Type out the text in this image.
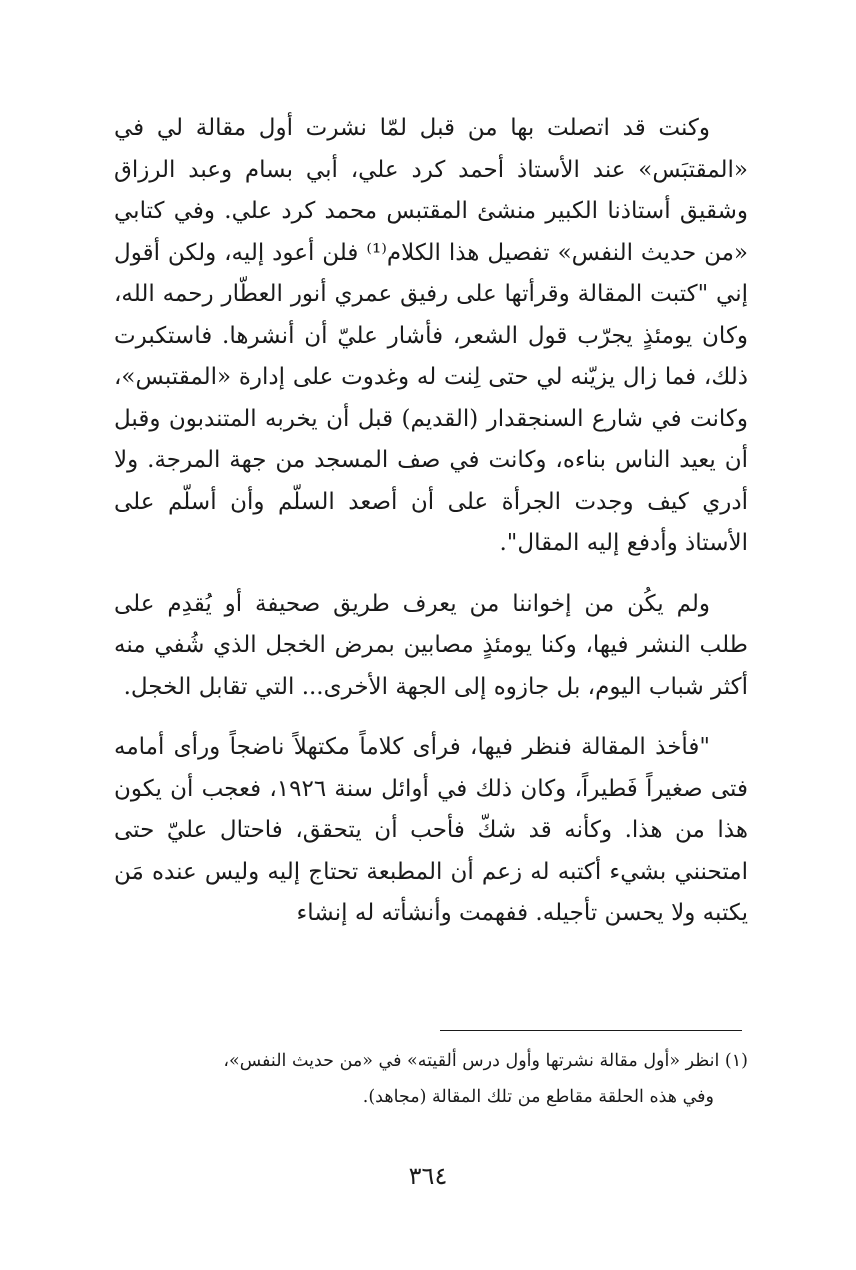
وكنت قد اتصلت بها من قبل لمّا نشرت أول مقالة لي في «المقتبَس» عند الأستاذ أحمد كرد علي، أبي بسام وعبد الرزاق وشقيق أستاذنا الكبير منشئ المقتبس محمد كرد علي. وفي كتابي «من حديث النفس» تفصيل هذا الكلام⁽¹⁾ فلن أعود إليه، ولكن أقول إني "كتبت المقالة وقرأتها على رفيق عمري أنور العطّار رحمه الله، وكان يومئذٍ يجرّب قول الشعر، فأشار عليّ أن أنشرها. فاستكبرت ذلك، فما زال يزيّنه لي حتى لِنت له وغدوت على إدارة «المقتبس»، وكانت في شارع السنجقدار (القديم) قبل أن يخربه المتندبون وقبل أن يعيد الناس بناءه، وكانت في صف المسجد من جهة المرجة. ولا أدري كيف وجدت الجرأة على أن أصعد السلّم وأن أسلّم على الأستاذ وأدفع إليه المقال".

ولم يكُن من إخواننا من يعرف طريق صحيفة أو يُقدِم على طلب النشر فيها، وكنا يومئذٍ مصابين بمرض الخجل الذي شُفي منه أكثر شباب اليوم، بل جازوه إلى الجهة الأخرى... التي تقابل الخجل.

"فأخذ المقالة فنظر فيها، فرأى كلاماً مكتهلاً ناضجاً ورأى أمامه فتى صغيراً فَطيراً، وكان ذلك في أوائل سنة ١٩٢٦، فعجب أن يكون هذا من هذا. وكأنه قد شكّ فأحب أن يتحقق، فاحتال عليّ حتى امتحنني بشيء أكتبه له زعم أن المطبعة تحتاج إليه وليس عنده مَن يكتبه ولا يحسن تأجيله. ففهمت وأنشأته له إنشاء

(١) انظر «أول مقالة نشرتها وأول درس ألقيته» في «من حديث النفس»،
وفي هذه الحلقة مقاطع من تلك المقالة (مجاهد).
٣٦٤
